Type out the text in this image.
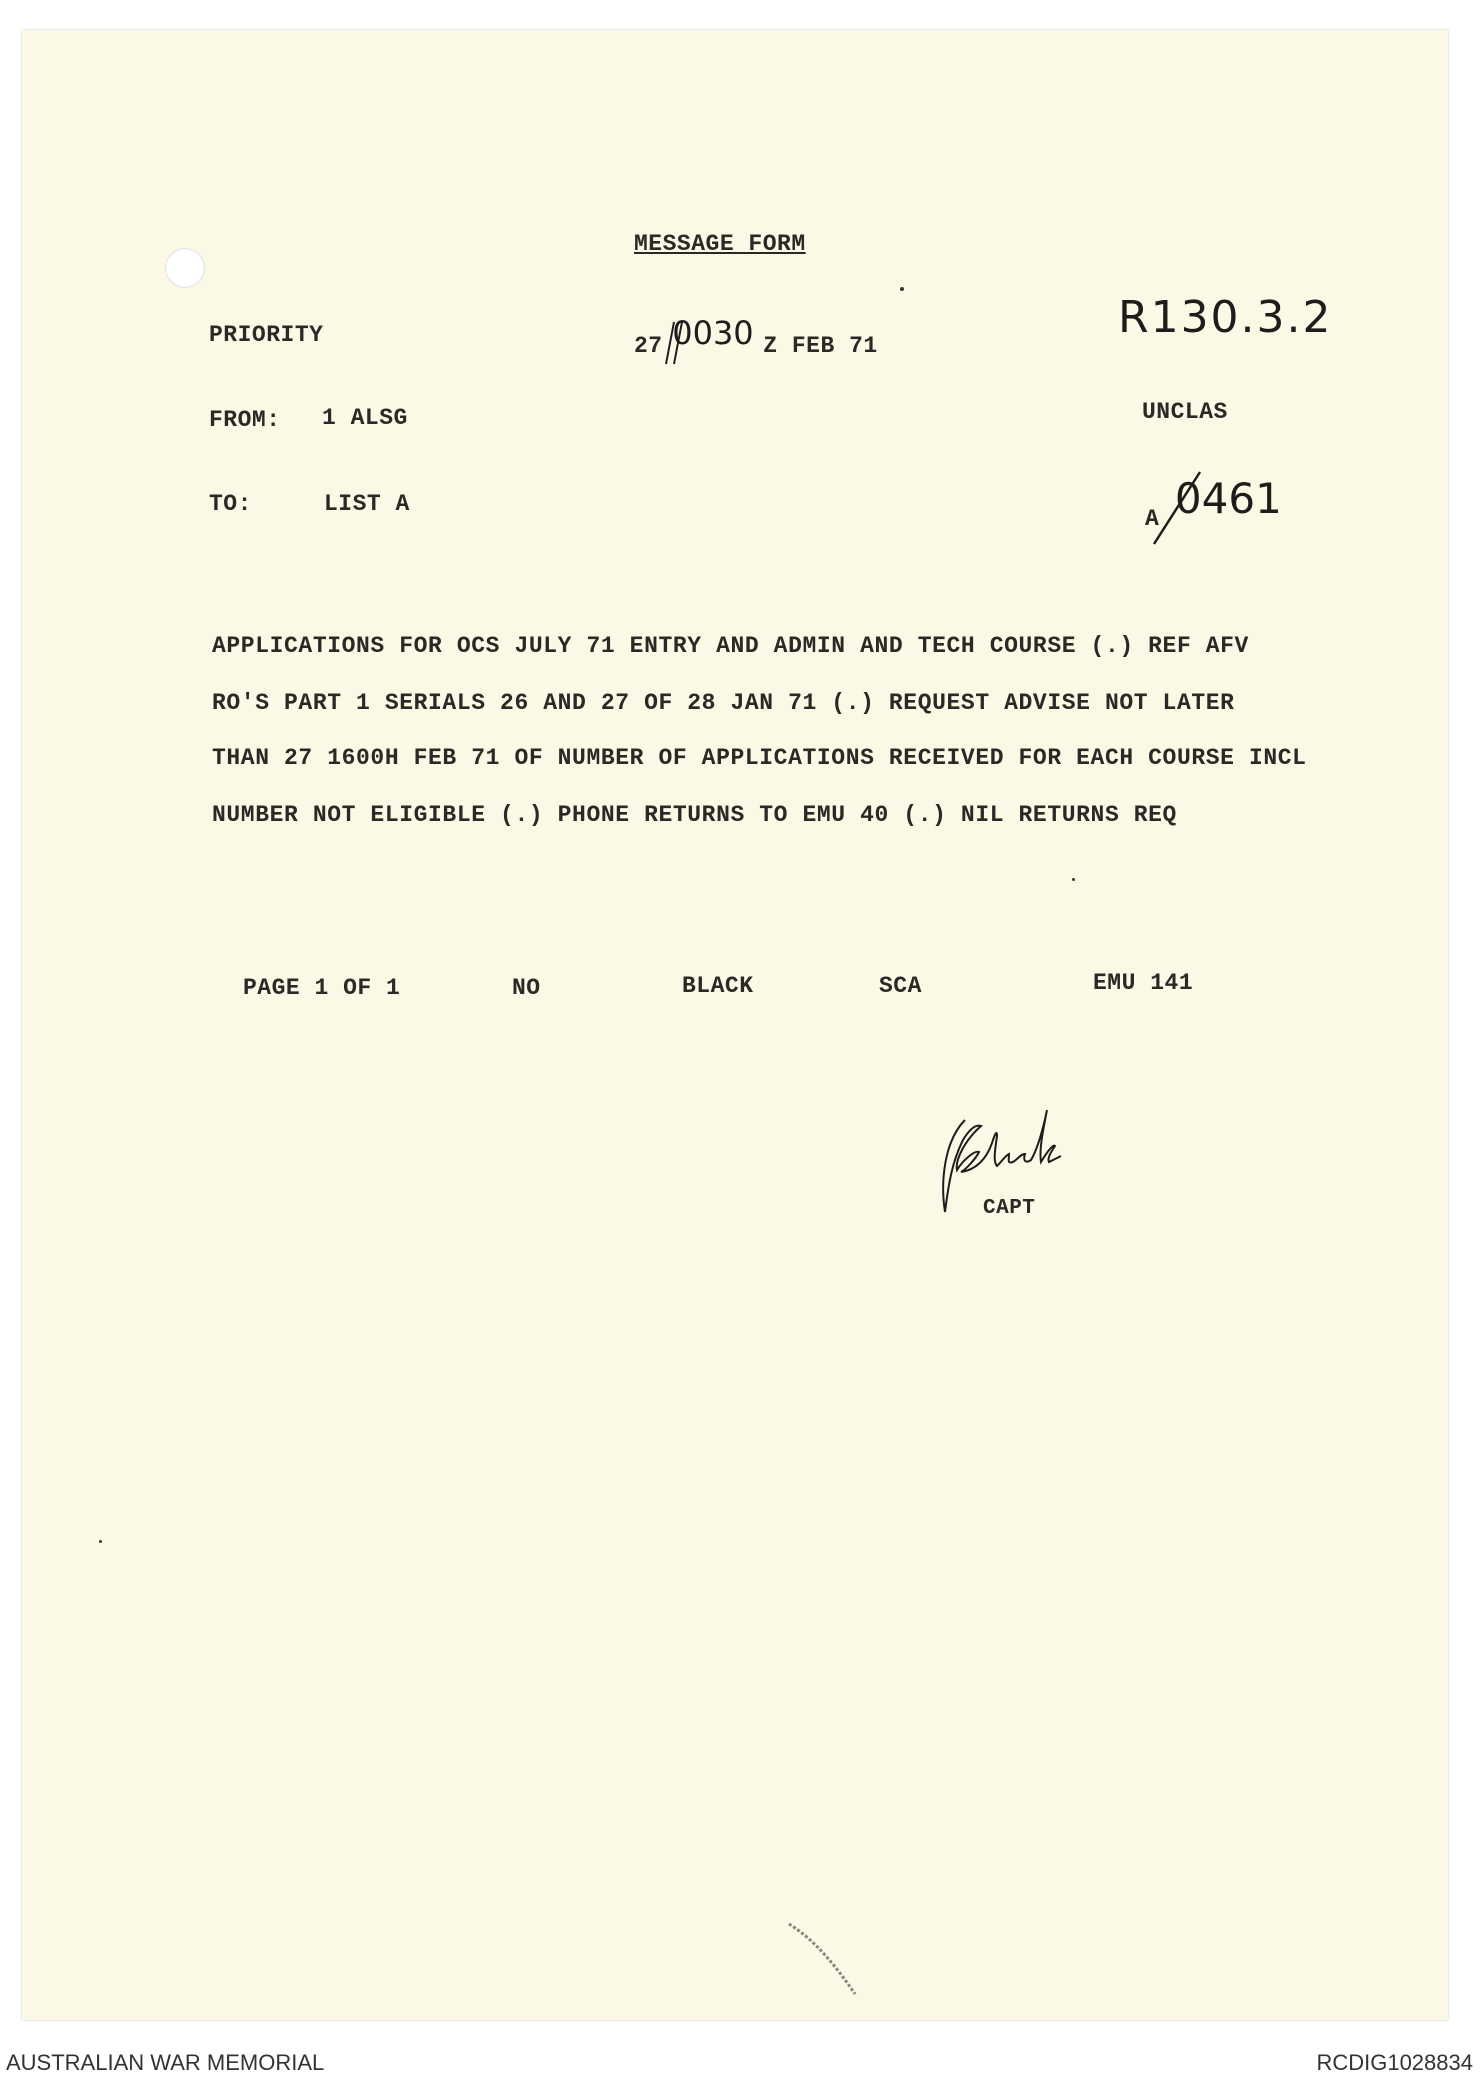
MESSAGE FORM
PRIORITY	27 0030 Z FEB 71
R130.3.2
UNCLAS
FROM: 1 ALSG
TO:	LIST A
A 0461
APPLICATIONS FOR OCS JULY 71 ENTRY AND ADMIN AND TECH COURSE (.) REF AFV
RO'S PART 1 SERIALS 26 AND 27 OF 28 JAN 71 (.) REQUEST ADVISE NOT LATER
THAN 27 1600H FEB 71 OF NUMBER OF APPLICATIONS RECEIVED FOR EACH COURSE INCL
NUMBER NOT ELIGIBLE (.) PHONE RETURNS TO EMU 40 (.) NIL RETURNS REQ
PAGE 1 OF 1	NO	BLACK	SCA	EMU 141
CAPT
AUSTRALIAN WAR MEMORIAL	RCDIG1028834
